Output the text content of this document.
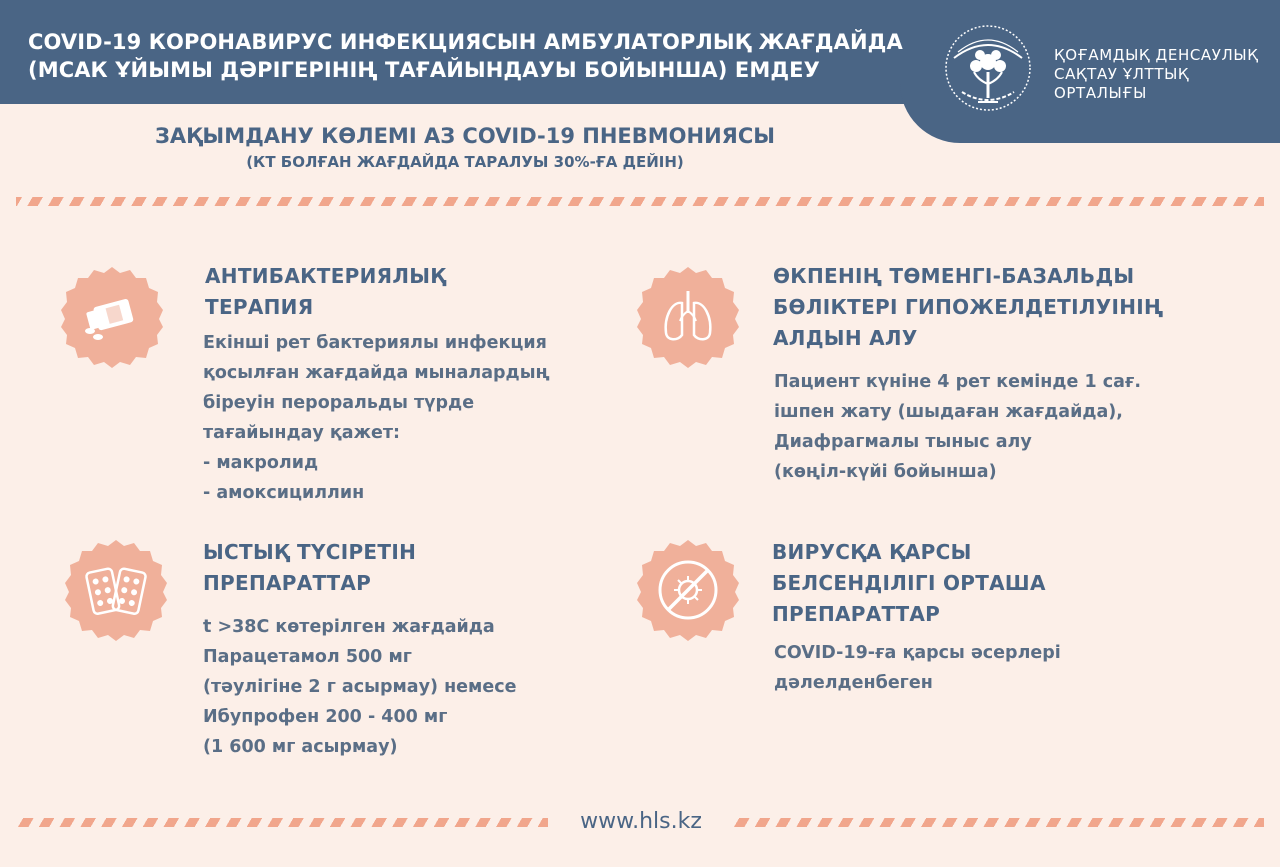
COVID-19 КОРОНАВИРУС ИНФЕКЦИЯСЫН АМБУЛАТОРЛЫҚ ЖАҒДАЙДА
(МСАК ҰЙЫМЫ ДӘРІГЕРІНІҢ ТАҒАЙЫНДАУЫ БОЙЫНША) ЕМДЕУ
ҚОҒАМДЫҚ ДЕНСАУЛЫҚ
САҚТАУ ҰЛТТЫҚ
ОРТАЛЫҒЫ
ЗАҚЫМДАНУ КӨЛЕМІ АЗ COVID-19 ПНЕВМОНИЯСЫ
(КТ БОЛҒАН ЖАҒДАЙДА ТАРАЛУЫ 30%-ҒА ДЕЙІН)
АНТИБАКТЕРИЯЛЫҚ
ТЕРАПИЯ
Екінші рет бактериялы инфекция
қосылған жағдайда мыналардың
біреуін пероральды түрде
тағайындау қажет:
- макролид
- амоксициллин
ӨКПЕНІҢ ТӨМЕНГІ-БАЗАЛЬДЫ
БӨЛІКТЕРІ ГИПОЖЕЛДЕТІЛУІНІҢ
АЛДЫН АЛУ
Пациент күніне 4 рет кемінде 1 сағ.
ішпен жату (шыдаған жағдайда),
Диафрагмалы тыныс алу
(көңіл-күйі бойынша)
ЫСТЫҚ ТҮСІРЕТІН
ПРЕПАРАТТАР
t >38C көтерілген жағдайда
Парацетамол 500 мг
(тәулігіне 2 г асырмау) немесе
Ибупрофен 200 - 400 мг
(1 600 мг асырмау)
ВИРУСҚА ҚАРСЫ
БЕЛСЕНДІЛІГІ ОРТАША
ПРЕПАРАТТАР
COVID-19-ға қарсы әсерлері
дәлелденбеген
www.hls.kz
